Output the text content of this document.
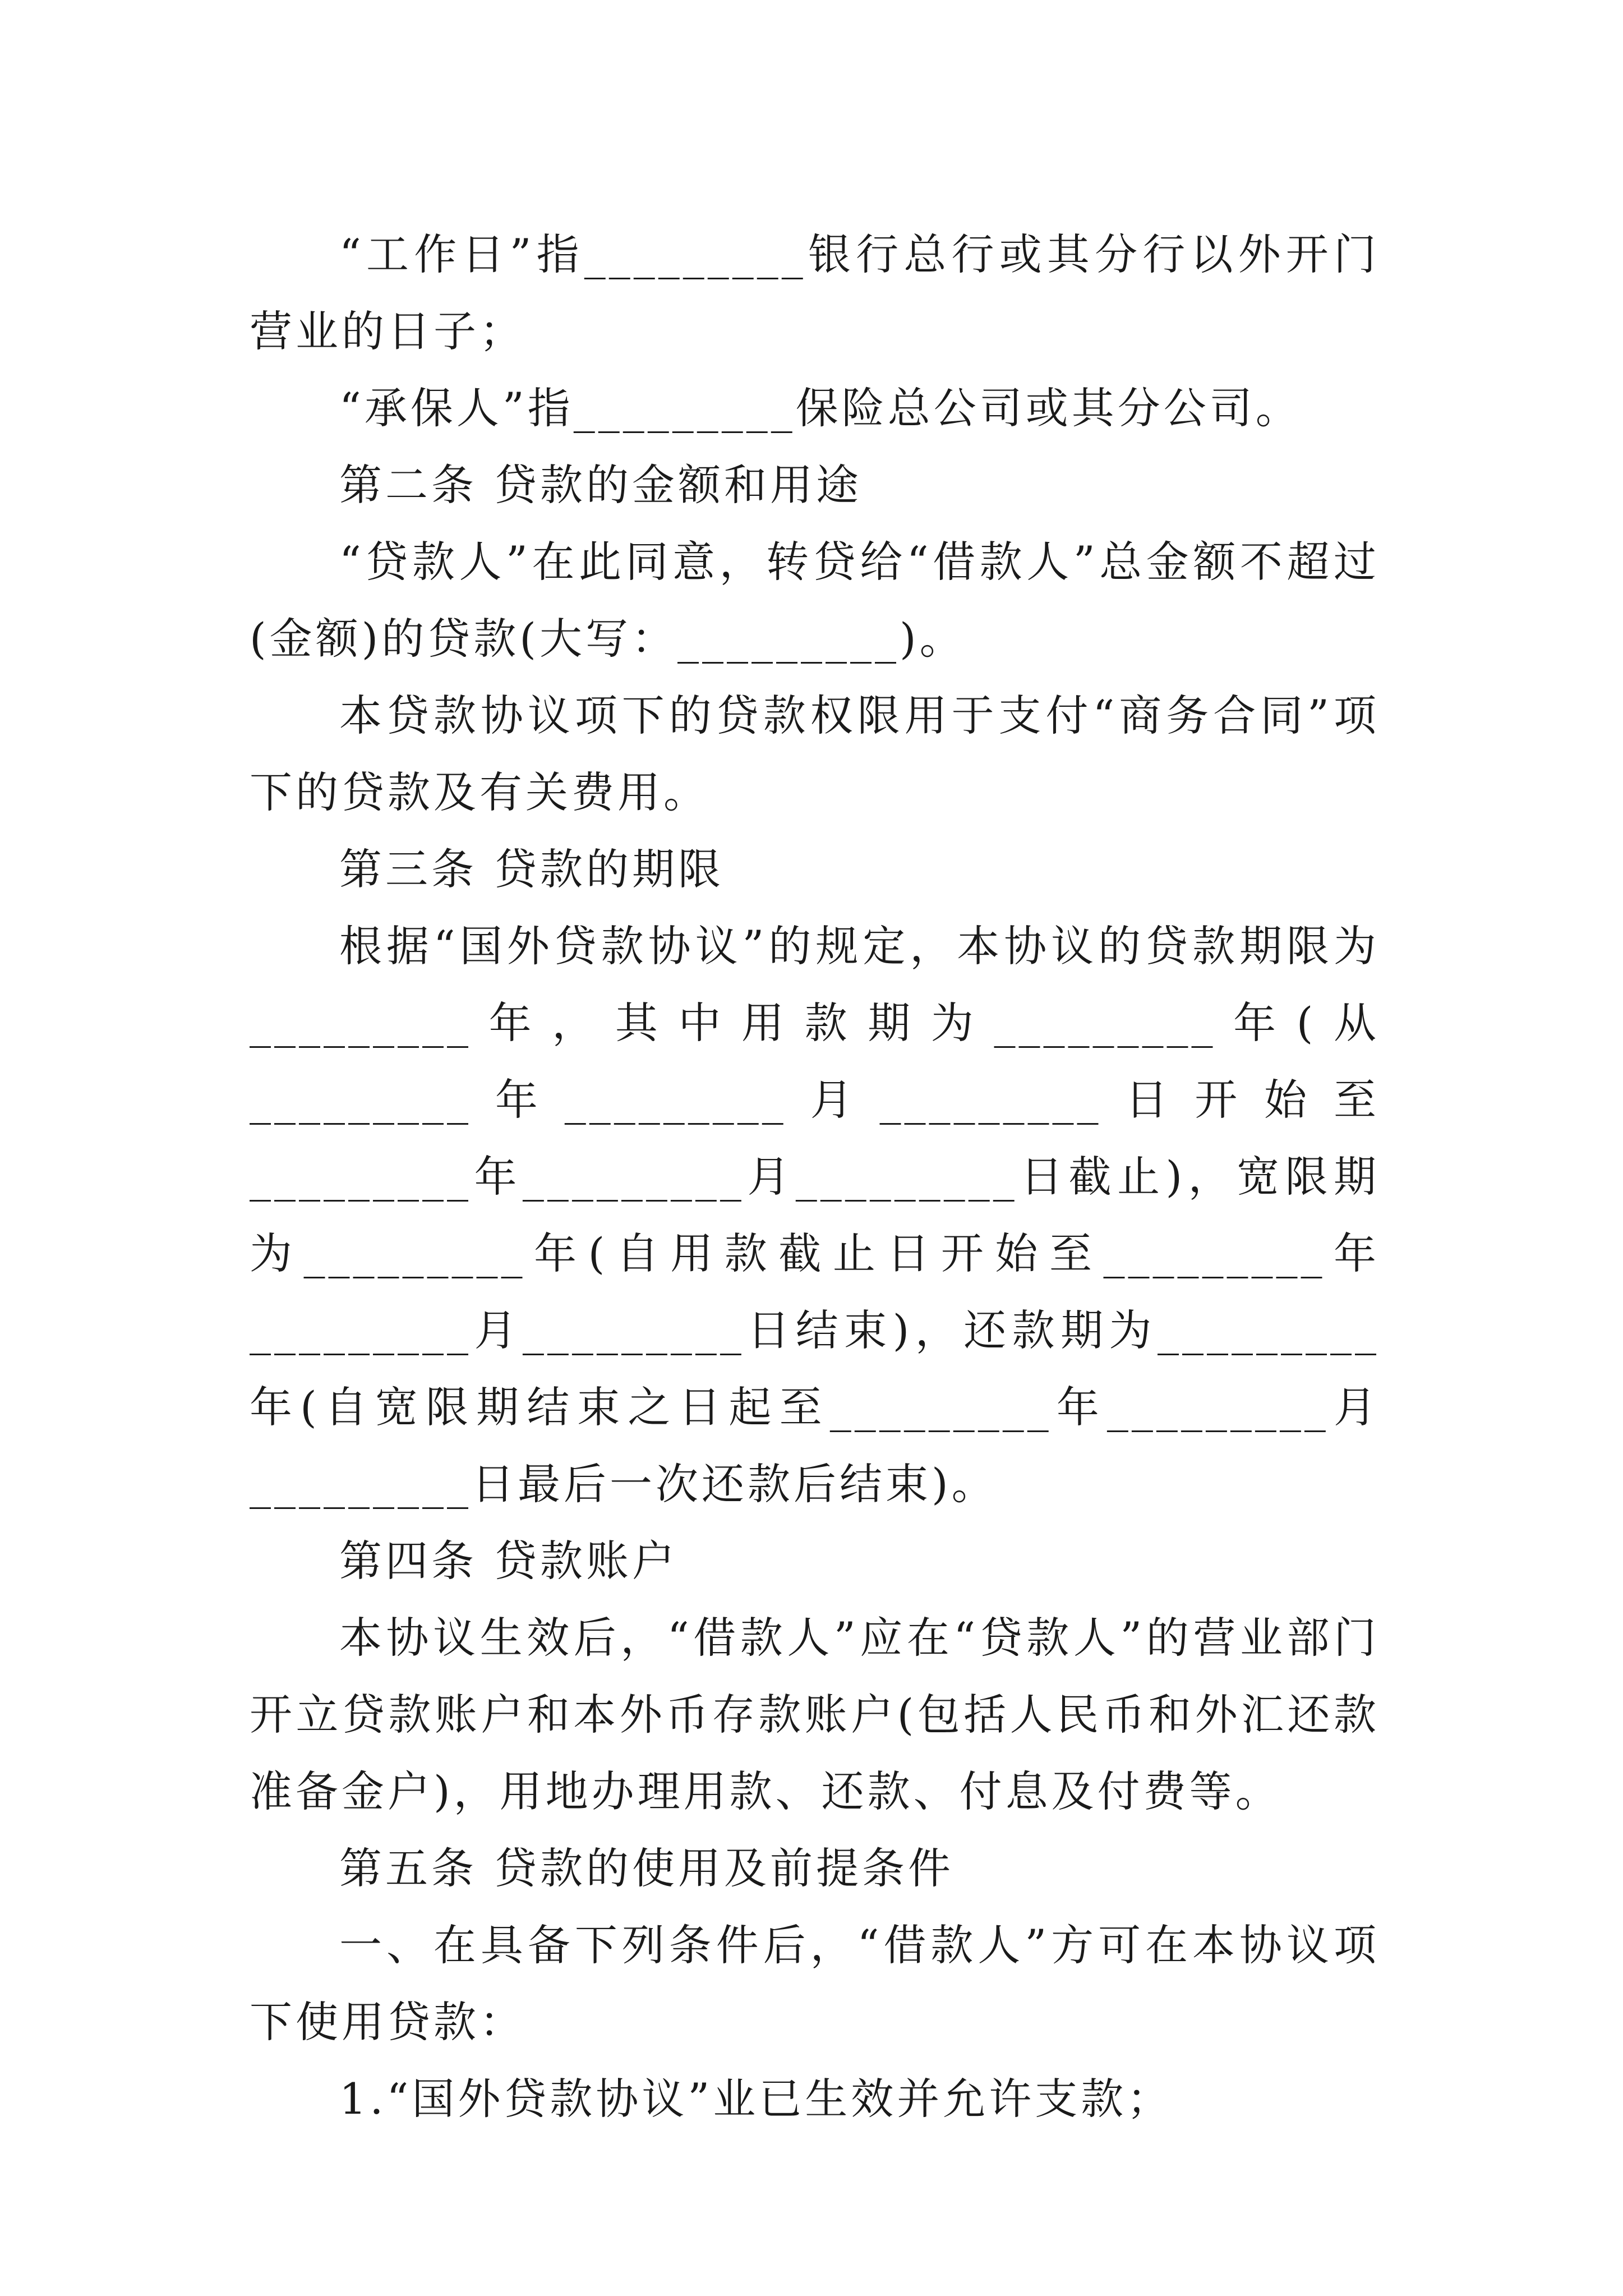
“工作日”指_________银行总行或其分行以外开门营业的日子；

“承保人”指_________保险总公司或其分公司。

第二条 贷款的金额和用途

“贷款人”在此同意，转贷给“借款人”总金额不超过(金额)的贷款(大写：_________)。

本贷款协议项下的贷款权限用于支付“商务合同”项下的贷款及有关费用。

第三条 贷款的期限

根据“国外贷款协议”的规定，本协议的贷款期限为_________年，其中用款期为_________年(从_________年_________月_________日开始至_________年_________月_________日截止)，宽限期为_________年(自用款截止日开始至_________年_________月_________日结束)，还款期为_________年(自宽限期结束之日起至_________年_________月_________日最后一次还款后结束)。

第四条 贷款账户

本协议生效后，“借款人”应在“贷款人”的营业部门开立贷款账户和本外币存款账户(包括人民币和外汇还款准备金户)，用地办理用款、还款、付息及付费等。

第五条 贷款的使用及前提条件

一、在具备下列条件后，“借款人”方可在本协议项下使用贷款：

1.“国外贷款协议”业已生效并允许支款；
